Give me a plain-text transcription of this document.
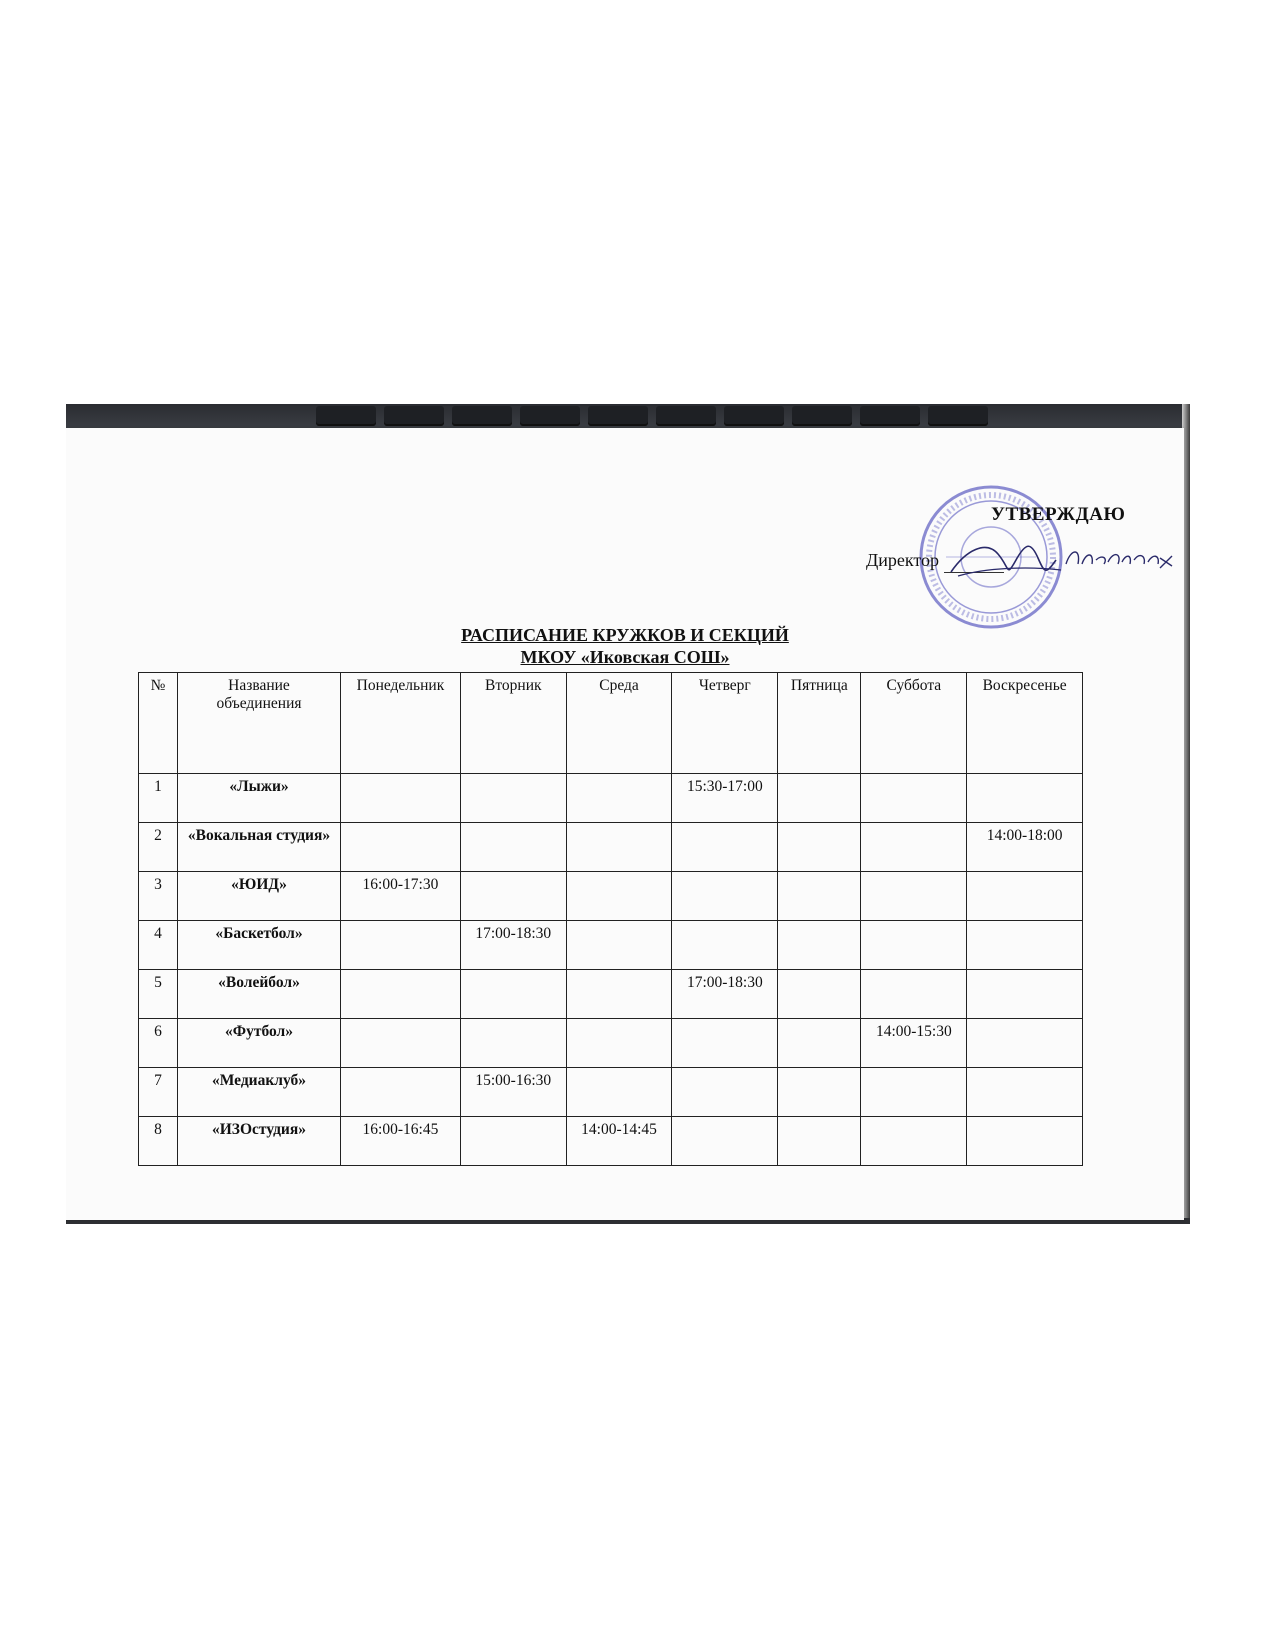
УТВЕРЖДАЮ
Директор
РАСПИСАНИЕ КРУЖКОВ И СЕКЦИЙ
МКОУ «Иковская СОШ»
№	Название объединения	Понедельник	Вторник	Среда	Четверг	Пятница	Суббота	Воскресенье
1	«Лыжи»				15:30-17:00			
2	«Вокальная студия»							14:00-18:00
3	«ЮИД»	16:00-17:30						
4	«Баскетбол»		17:00-18:30					
5	«Волейбол»				17:00-18:30			
6	«Футбол»						14:00-15:30	
7	«Медиаклуб»		15:00-16:30					
8	«ИЗОстудия»	16:00-16:45		14:00-14:45				
